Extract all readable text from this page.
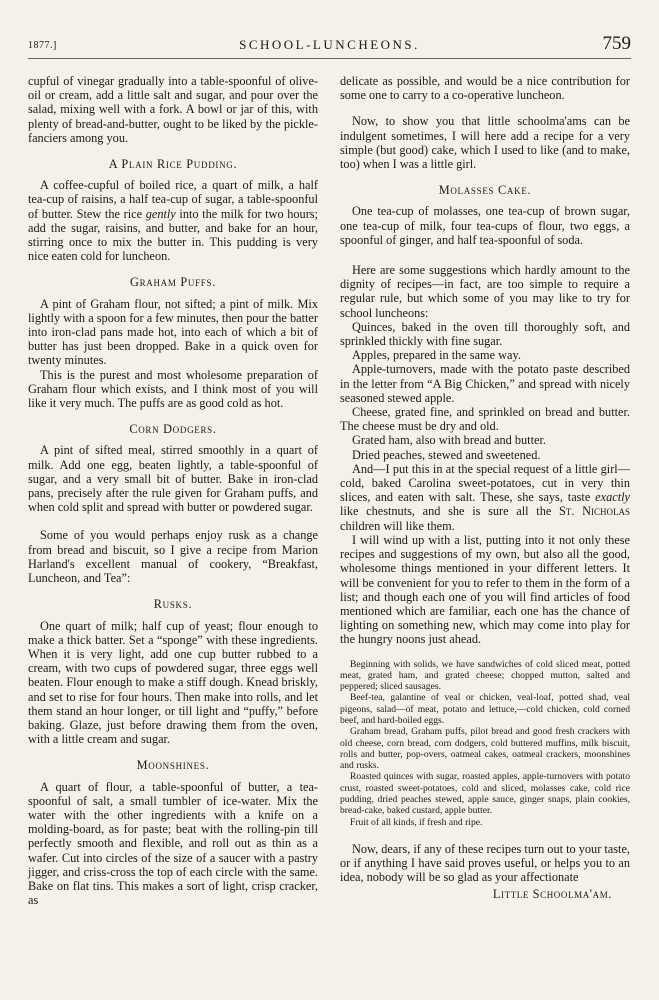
1877.]	SCHOOL-LUNCHEONS.	759

cupful of vinegar gradually into a table-spoonful of olive-oil or cream, add a little salt and sugar, and pour over the salad, mixing well with a fork. A bowl or jar of this, with plenty of bread-and-butter, ought to be liked by the pickle-fanciers among you.

A Plain Rice Pudding.

A coffee-cupful of boiled rice, a quart of milk, a half tea-cup of raisins, a half tea-cup of sugar, a table-spoonful of butter. Stew the rice gently into the milk for two hours; add the sugar, raisins, and butter, and bake for an hour, stirring once to mix the butter in. This pudding is very nice eaten cold for luncheon.

Graham Puffs.

A pint of Graham flour, not sifted; a pint of milk. Mix lightly with a spoon for a few minutes, then pour the batter into iron-clad pans made hot, into each of which a bit of butter has just been dropped. Bake in a quick oven for twenty minutes.

This is the purest and most wholesome preparation of Graham flour which exists, and I think most of you will like it very much. The puffs are as good cold as hot.

Corn Dodgers.

A pint of sifted meal, stirred smoothly in a quart of milk. Add one egg, beaten lightly, a table-spoonful of sugar, and a very small bit of butter. Bake in iron-clad pans, precisely after the rule given for Graham puffs, and when cold split and spread with butter or powdered sugar.

Some of you would perhaps enjoy rusk as a change from bread and biscuit, so I give a recipe from Marion Harland's excellent manual of cookery, “Breakfast, Luncheon, and Tea”:

Rusks.

One quart of milk; half cup of yeast; flour enough to make a thick batter. Set a “sponge” with these ingredients. When it is very light, add one cup butter rubbed to a cream, with two cups of powdered sugar, three eggs well beaten. Flour enough to make a stiff dough. Knead briskly, and set to rise for four hours. Then make into rolls, and let them stand an hour longer, or till light and “puffy,” before baking. Glaze, just before drawing them from the oven, with a little cream and sugar.

Moonshines.

A quart of flour, a table-spoonful of butter, a tea-spoonful of salt, a small tumbler of ice-water. Mix the water with the other ingredients with a knife on a molding-board, as for paste; beat with the rolling-pin till perfectly smooth and flexible, and roll out as thin as a wafer. Cut into circles of the size of a saucer with a pastry jigger, and criss-cross the top of each circle with the same. Bake on flat tins. This makes a sort of light, crisp cracker, as

delicate as possible, and would be a nice contribution for some one to carry to a co-operative luncheon.

Now, to show you that little schoolma'ams can be indulgent sometimes, I will here add a recipe for a very simple (but good) cake, which I used to like (and to make, too) when I was a little girl.

Molasses Cake.

One tea-cup of molasses, one tea-cup of brown sugar, one tea-cup of milk, four tea-cups of flour, two eggs, a spoonful of ginger, and half tea-spoonful of soda.

Here are some suggestions which hardly amount to the dignity of recipes—in fact, are too simple to require a regular rule, but which some of you may like to try for school luncheons:

Quinces, baked in the oven till thoroughly soft, and sprinkled thickly with fine sugar.

Apples, prepared in the same way.

Apple-turnovers, made with the potato paste described in the letter from “A Big Chicken,” and spread with nicely seasoned stewed apple.

Cheese, grated fine, and sprinkled on bread and butter. The cheese must be dry and old.

Grated ham, also with bread and butter.

Dried peaches, stewed and sweetened.

And—I put this in at the special request of a little girl—cold, baked Carolina sweet-potatoes, cut in very thin slices, and eaten with salt. These, she says, taste exactly like chestnuts, and she is sure all the St. Nicholas children will like them.

I will wind up with a list, putting into it not only these recipes and suggestions of my own, but also all the good, wholesome things mentioned in your different letters. It will be convenient for you to refer to them in the form of a list; and though each one of you will find articles of food mentioned which are familiar, each one has the chance of lighting on something new, which may come into play for the hungry noons just ahead.

Beginning with solids, we have sandwiches of cold sliced meat, potted meat, grated ham, and grated cheese; chopped mutton, salted and peppered; sliced sausages.

Beef-tea, galantine of veal or chicken, veal-loaf, potted shad, veal pigeons, salad—of meat, potato and lettuce,—cold chicken, cold corned beef, and hard-boiled eggs.

Graham bread, Graham puffs, pilot bread and good fresh crackers with old cheese, corn bread, corn dodgers, cold buttered muffins, milk biscuit, rolls and butter, pop-overs, oatmeal cakes, oatmeal crackers, moonshines and rusks.

Roasted quinces with sugar, roasted apples, apple-turnovers with potato crust, roasted sweet-potatoes, cold and sliced, molasses cake, cold rice pudding, dried peaches stewed, apple sauce, ginger snaps, plain cookies, bread-cake, baked custard, apple butter.

Fruit of all kinds, if fresh and ripe.

Now, dears, if any of these recipes turn out to your taste, or if anything I have said proves useful, or helps you to an idea, nobody will be so glad as your affectionate

Little Schoolma'am.
